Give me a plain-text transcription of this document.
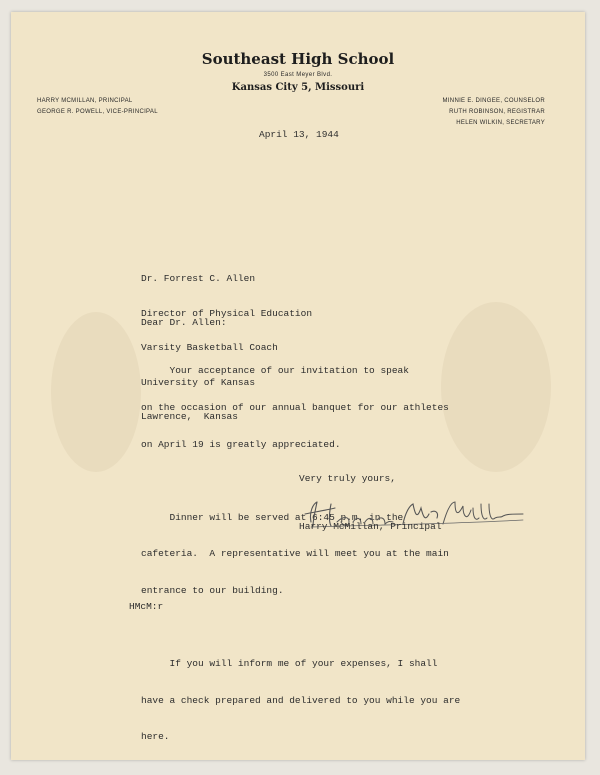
Southeast High School
3500 East Meyer Blvd.
Kansas City 5, Missouri
HARRY MCMILLAN, PRINCIPAL
GEORGE R. POWELL, VICE-PRINCIPAL
MINNIE E. DINGEE, COUNSELOR
RUTH ROBINSON, REGISTRAR
HELEN WILKIN, SECRETARY
April 13, 1944

Dr. Forrest C. Allen

Director of Physical Education

Varsity Basketball Coach

University of Kansas

Lawrence,  Kansas

Dear Dr. Allen:

Your acceptance of our invitation to speak

on the occasion of our annual banquet for our athletes

on April 19 is greatly appreciated.

Dinner will be served at 6:45 p.m. in the

cafeteria.  A representative will meet you at the main

entrance to our building.

If you will inform me of your expenses, I shall

have a check prepared and delivered to you while you are

here.

Very truly yours,
Harry McMillan, Principal
HMcM:r
